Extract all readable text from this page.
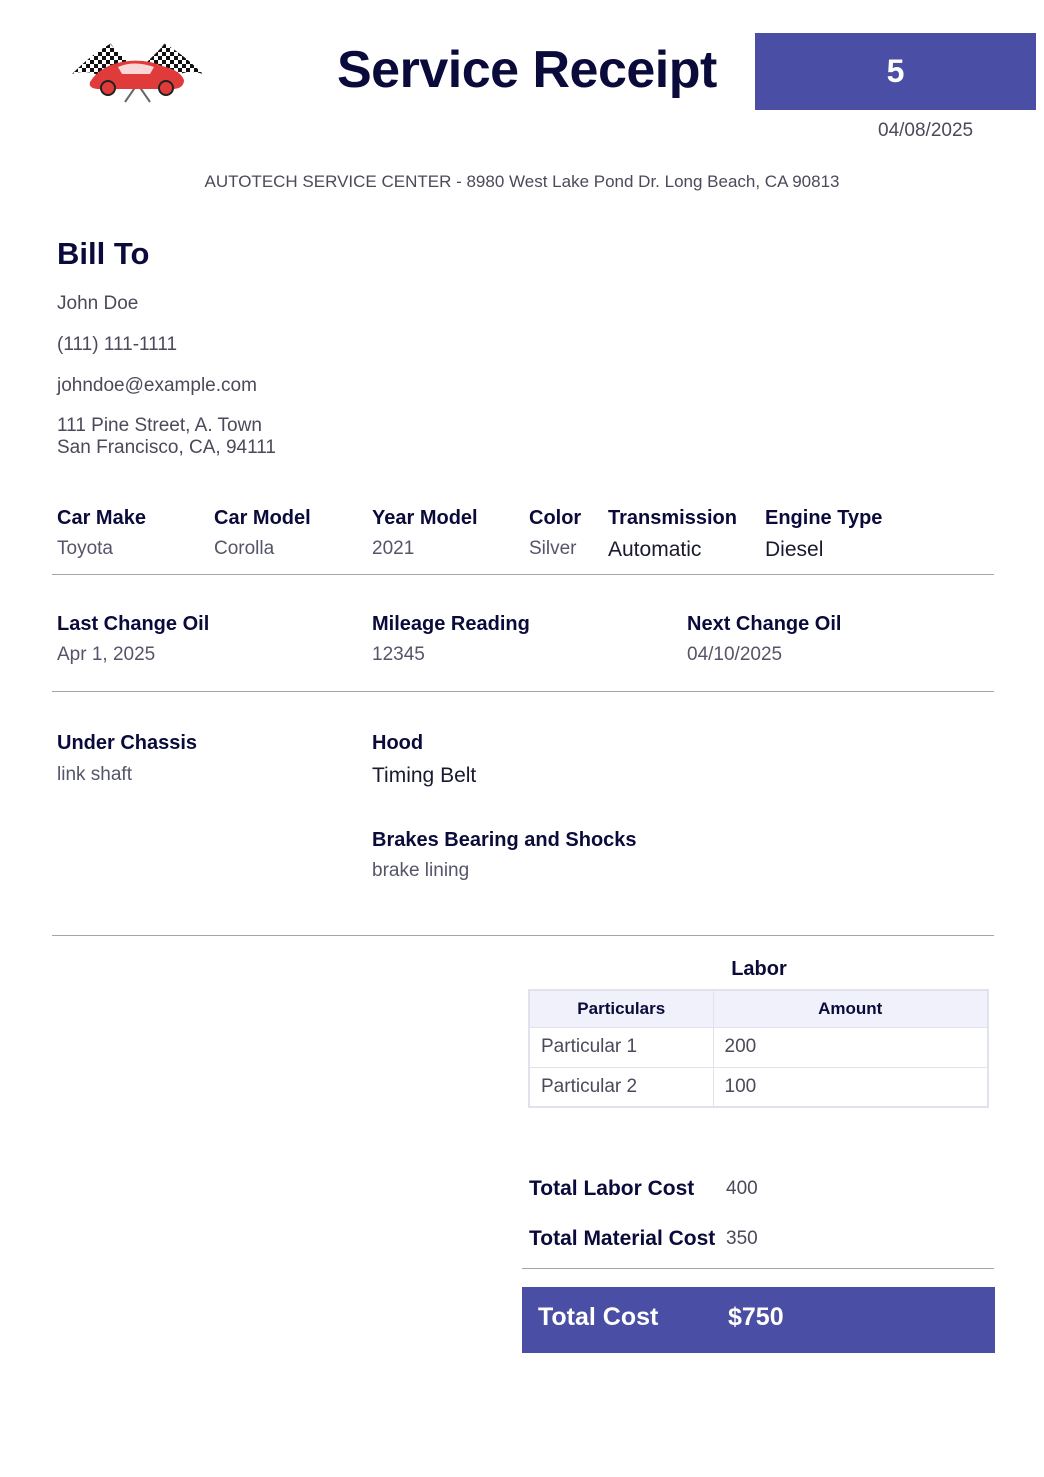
Service Receipt	5
04/08/2025
AUTOTECH SERVICE CENTER - 8980 West Lake Pond Dr. Long Beach, CA 90813
Bill To
John Doe
(111) 111-1111
johndoe@example.com
111 Pine Street, A. Town
San Francisco, CA, 94111
Car Make
Toyota
Car Model
Corolla
Year Model
2021
Color
Silver
Transmission
Automatic
Engine Type
Diesel
Last Change Oil
Apr 1, 2025
Mileage Reading
12345
Next Change Oil
04/10/2025
Under Chassis
link shaft
Hood
Timing Belt
Brakes Bearing and Shocks
brake lining
Labor
Particulars	Amount
Particular 1	200
Particular 2	100
Total Labor Cost 400
Total Material Cost 350
Total Cost	$750
